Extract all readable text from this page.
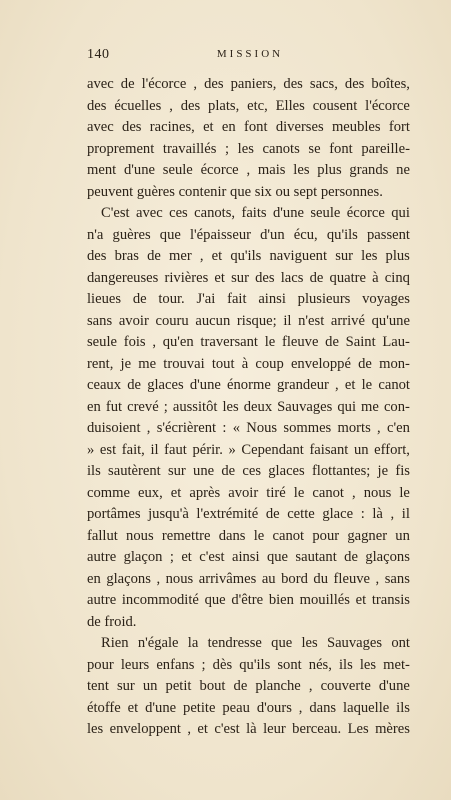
140	MISSION
avec de l'écorce , des paniers, des sacs, des boîtes,
des écuelles , des plats, etc, Elles cousent l'écorce
avec des racines, et en font diverses meubles fort
proprement travaillés ; les canots se font pareille-
ment d'une seule écorce , mais les plus grands ne
peuvent guères contenir que six ou sept personnes.
C'est avec ces canots, faits d'une seule écorce qui
n'a guères que l'épaisseur d'un écu, qu'ils passent
des bras de mer , et qu'ils naviguent sur les plus
dangereuses rivières et sur des lacs de quatre à cinq
lieues de tour. J'ai fait ainsi plusieurs voyages
sans avoir couru aucun risque; il n'est arrivé qu'une
seule fois , qu'en traversant le fleuve de Saint Lau-
rent, je me trouvai tout à coup enveloppé de mon-
ceaux de glaces d'une énorme grandeur , et le canot
en fut crevé ; aussitôt les deux Sauvages qui me con-
duisoient , s'écrièrent : « Nous sommes morts , c'en
» est fait, il faut périr. » Cependant faisant un effort,
ils sautèrent sur une de ces glaces flottantes; je fis
comme eux, et après avoir tiré le canot , nous le
portâmes jusqu'à l'extrémité de cette glace : là , il
fallut nous remettre dans le canot pour gagner un
autre glaçon ; et c'est ainsi que sautant de glaçons
en glaçons , nous arrivâmes au bord du fleuve , sans
autre incommodité que d'être bien mouillés et transis
de froid.
Rien n'égale la tendresse que les Sauvages ont
pour leurs enfans ; dès qu'ils sont nés, ils les met-
tent sur un petit bout de planche , couverte d'une
étoffe et d'une petite peau d'ours , dans laquelle ils
les enveloppent , et c'est là leur berceau. Les mères
